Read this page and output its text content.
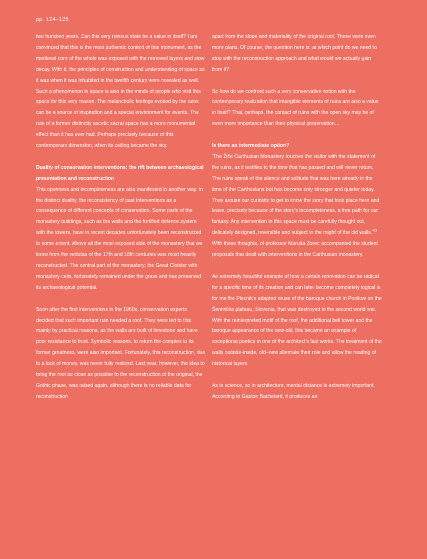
pp. 124–125

two hundred years. Can this very ruinous state be a value in itself? I am convinced that this is the most authentic context of this monument, as the medieval core of the whole was exposed with the removed layers and slow decay. With it, the principles of construction and understanding of space as it was when it was inhabited in the twelfth century were revealed as well. Such a phenomenon in space is also in the minds of people who visit this space for this very reason. The melancholic feelings evoked by the ruins can be a source of inspiration and a special environment for events. The ruin of a former distinctly ascetic sacral space has a more monumental effect than it has ever had. Perhaps precisely because of this contemporary dimension, when its ceiling became the sky.

Duality of conservation interventions: the rift between archaeological presentation and reconstruction

This openness and incompleteness are also manifested in another way. In the distinct duality, the inconsistency of past interventions as a consequence of different concepts of conservation. Some parts of the monastery buildings, such as the walls and the fortified defence system with the towers, have in recent decades unfortunately been reconstructed to some extent. Above all the most exposed side of the monastery that we know from the vedutas of the 17th and 18th centuries was most heavily reconstructed. The central part of the monastery, the Great Cloister with monastery cells, fortunately remained under the grass and has preserved its archaeological potential.

Soon after the first interventions in the 1960s, conservation experts decided that such important ruin needed a roof. They were led to this mainly by practical reasons, as the walls are built of limestone and have poor resistance to frost. Symbolic reasons, to return the complex to its former greatness, were also important. Fortunately, this reconstruction, due to a lack of money, was never fully realized. Last year, however, the idea to bring the roof as close as possible to the reconstruction of the original, the Gothic phase, was raised again, although there is no reliable data for reconstruction

apart from the slope and materiality of the original roof. These were even more plans. Of course, the question here is: at which point do we need to stop with the reconstruction approach and what would we actually gain from it?

So how do we confront such a very conservative notion with the contemporary realization that intangible elements of ruins are also a value in itself? That, perhaps, the contact of ruins with the open sky may be of even more importance than their physical preservation…

Is there an intermediate option?

‘The Žiče Carthusian Monastery touches the visitor with the statement of the ruins, as it testifies to the time that has passed and will never return. The ruins speak of the silence and solitude that was here already in the time of the Carthusians but has become only stronger and quieter today. They arouse our curiosity to get to know the story that took place here and leave, precisely because of the story’s incompleteness, a free path for our fantasy. Any intervention in this space must be carefully thought out, delicately designed, reversible and subject to the might of the old walls.’$^{03}$ With these thoughts, of professor Maruša Zorec accompanied the student proposals that dealt with interventions in the Carthusian monastery.

An extremely beautiful example of how a certain renovation can be radical for a specific time of its creation and can later become completely logical is for me the Plecnik’s adapted reuse of the baroque church in Ponikve on the Šentviška plateau, Slovenia, that was destroyed in the second world war. With the reinterpreted motif of the roof, the additional bell tower and the baroque appearance of the new-old, this became an example of exceptional poetics in one of the architect’s last works. The treatment of the walls outside-inside, old–new alternate their role and allow the reading of historical layers.

As in science, so in architecture, mental distance is extremely important. According to Gaston Bachelard, it produces an
